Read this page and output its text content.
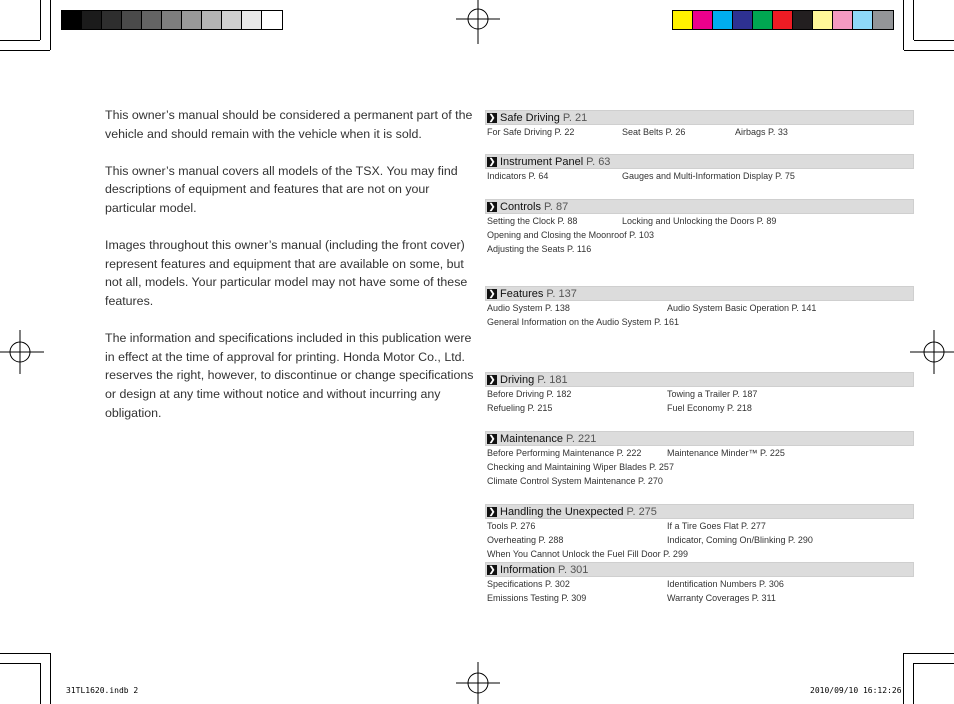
This owner’s manual should be considered a permanent part of the vehicle and should remain with the vehicle when it is sold.

This owner’s manual covers all models of the TSX. You may find descriptions of equipment and features that are not on your particular model.

Images throughout this owner’s manual (including the front cover) represent features and equipment that are available on some, but not all, models. Your particular model may not have some of these features.

The information and specifications included in this publication were in effect at the time of approval for printing. Honda Motor Co., Ltd. reserves the right, however, to discontinue or change specifications or design at any time without notice and without incurring any obligation.

❯ Safe Driving P. 21
For Safe Driving P. 22	Seat Belts P. 26	Airbags P. 33
❯ Instrument Panel P. 63
Indicators P. 64	Gauges and Multi-Information Display P. 75
❯ Controls P. 87
Setting the Clock P. 88	Locking and Unlocking the Doors P. 89
Opening and Closing the Moonroof P. 103
Adjusting the Seats P. 116
❯ Features P. 137
Audio System P. 138	Audio System Basic Operation P. 141
General Information on the Audio System P. 161
❯ Driving P. 181
Before Driving P. 182	Towing a Trailer P. 187
Refueling P. 215	Fuel Economy P. 218
❯ Maintenance P. 221
Before Performing Maintenance P. 222	Maintenance Minder™ P. 225
Checking and Maintaining Wiper Blades P. 257
Climate Control System Maintenance P. 270
❯ Handling the Unexpected P. 275
Tools P. 276	If a Tire Goes Flat P. 277
Overheating P. 288	Indicator, Coming On/Blinking P. 290
When You Cannot Unlock the Fuel Fill Door P. 299
❯ Information P. 301
Specifications P. 302	Identification Numbers P. 306
Emissions Testing P. 309	Warranty Coverages P. 311
31TL1620.indb 2	2010/09/10 16:12:26
